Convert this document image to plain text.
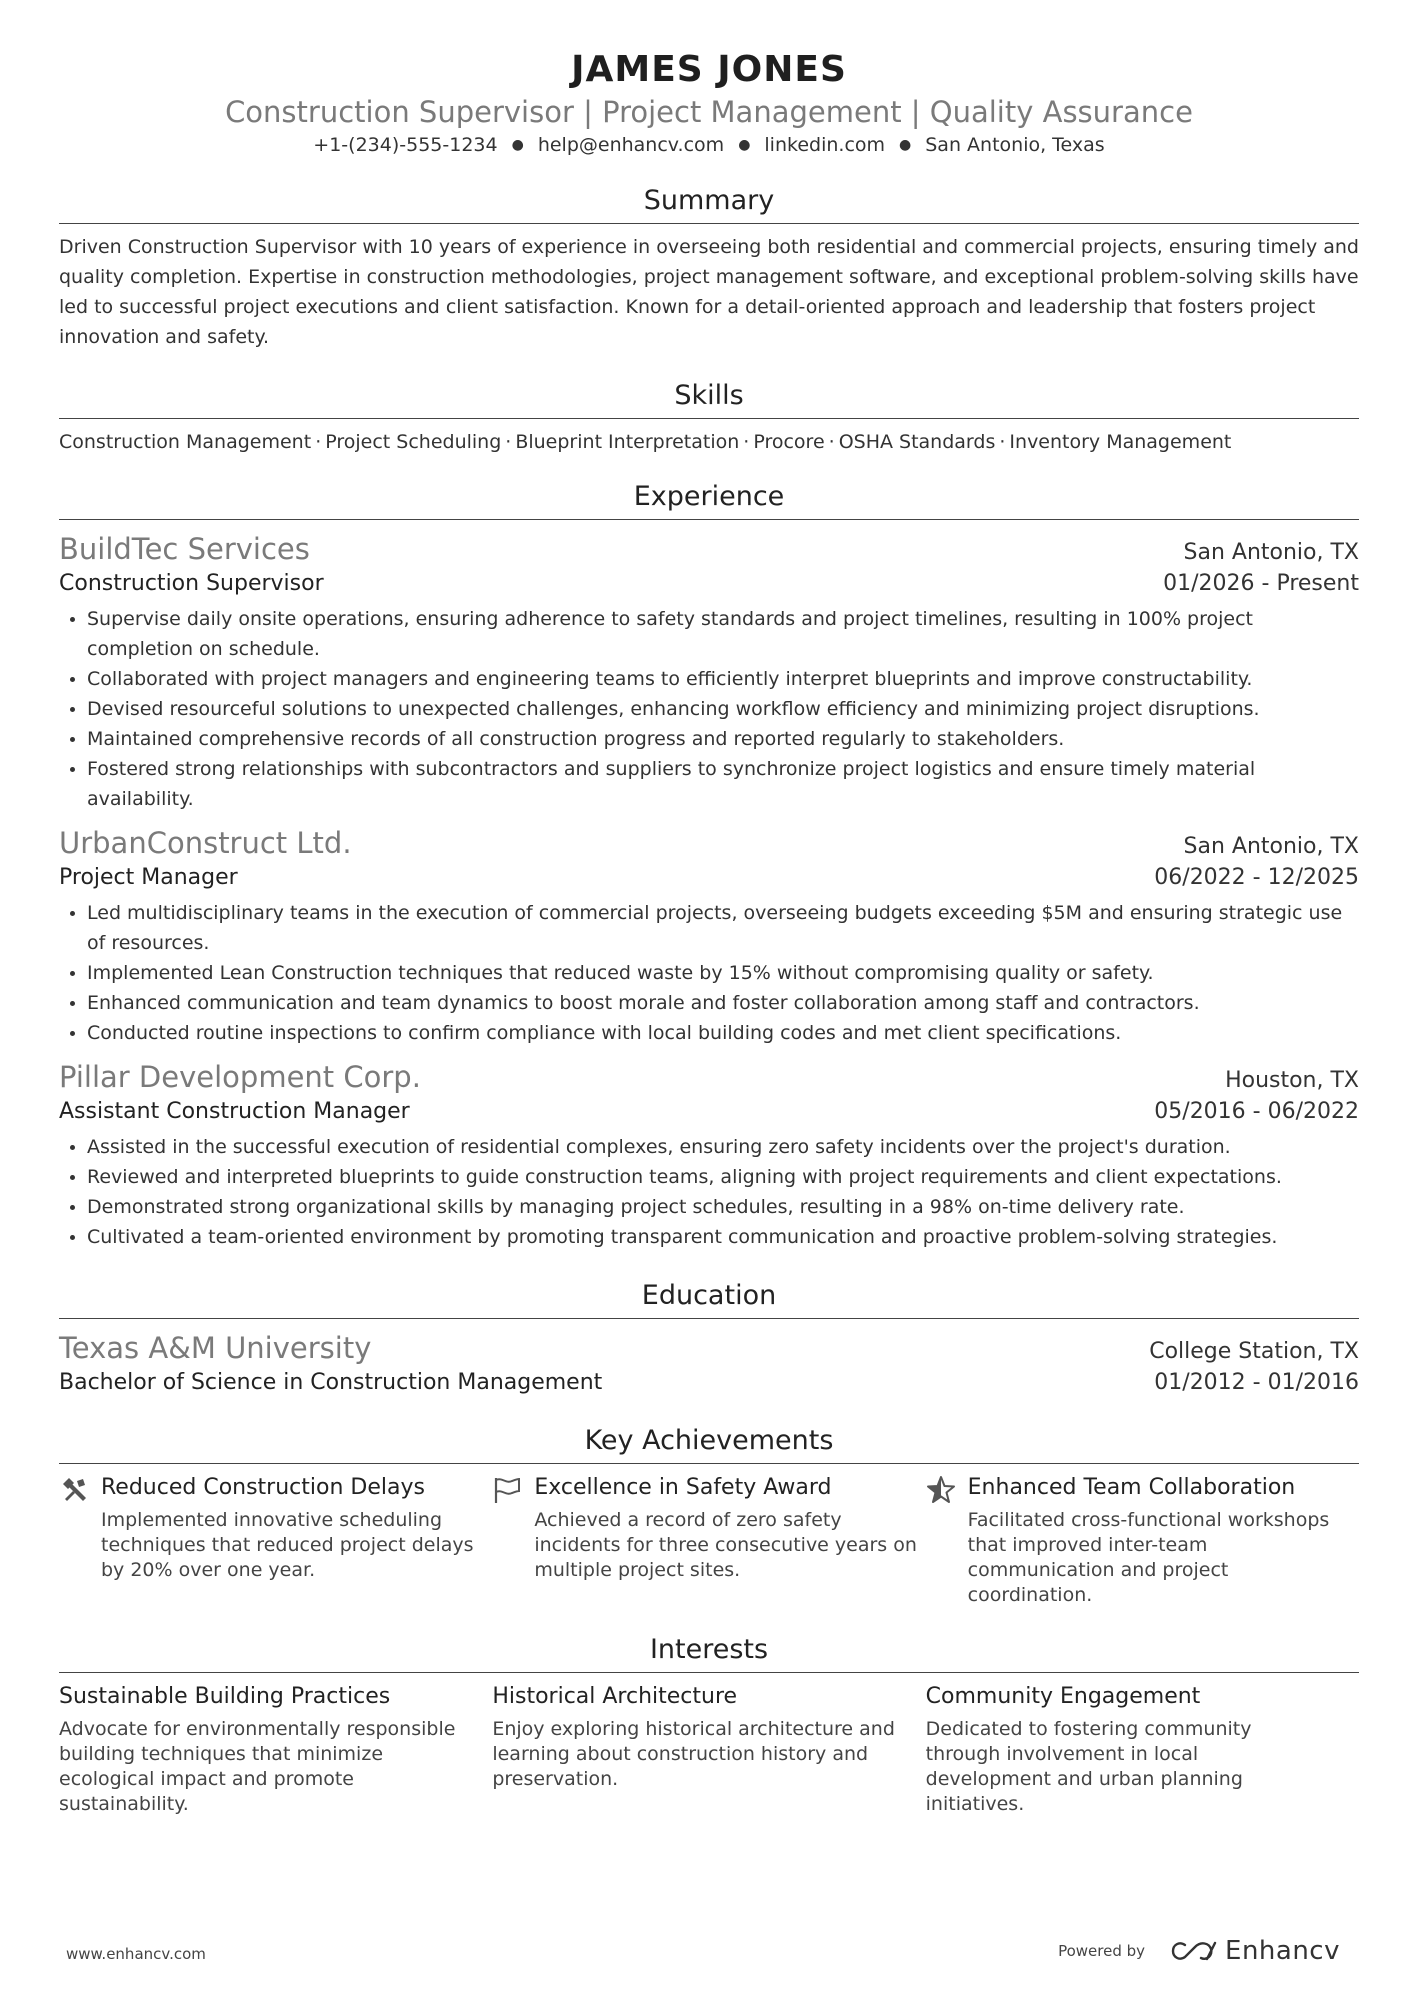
JAMES JONES
Construction Supervisor | Project Management | Quality Assurance
+1-(234)-555-1234 ● help@enhancv.com ● linkedin.com ● San Antonio, Texas
Summary
Driven Construction Supervisor with 10 years of experience in overseeing both residential and commercial projects, ensuring timely and quality completion. Expertise in construction methodologies, project management software, and exceptional problem-solving skills have led to successful project executions and client satisfaction. Known for a detail-oriented approach and leadership that fosters project innovation and safety.
Skills
Construction Management · Project Scheduling · Blueprint Interpretation · Procore · OSHA Standards · Inventory Management
Experience
BuildTec Services	San Antonio, TX
Construction Supervisor	01/2026 - Present
• Supervise daily onsite operations, ensuring adherence to safety standards and project timelines, resulting in 100% project completion on schedule.
• Collaborated with project managers and engineering teams to efficiently interpret blueprints and improve constructability.
• Devised resourceful solutions to unexpected challenges, enhancing workflow efficiency and minimizing project disruptions.
• Maintained comprehensive records of all construction progress and reported regularly to stakeholders.
• Fostered strong relationships with subcontractors and suppliers to synchronize project logistics and ensure timely material availability.
UrbanConstruct Ltd.	San Antonio, TX
Project Manager	06/2022 - 12/2025
• Led multidisciplinary teams in the execution of commercial projects, overseeing budgets exceeding $5M and ensuring strategic use of resources.
• Implemented Lean Construction techniques that reduced waste by 15% without compromising quality or safety.
• Enhanced communication and team dynamics to boost morale and foster collaboration among staff and contractors.
• Conducted routine inspections to confirm compliance with local building codes and met client specifications.
Pillar Development Corp.	Houston, TX
Assistant Construction Manager	05/2016 - 06/2022
• Assisted in the successful execution of residential complexes, ensuring zero safety incidents over the project's duration.
• Reviewed and interpreted blueprints to guide construction teams, aligning with project requirements and client expectations.
• Demonstrated strong organizational skills by managing project schedules, resulting in a 98% on-time delivery rate.
• Cultivated a team-oriented environment by promoting transparent communication and proactive problem-solving strategies.
Education
Texas A&M University	College Station, TX
Bachelor of Science in Construction Management	01/2012 - 01/2016
Key Achievements
Reduced Construction Delays
Implemented innovative scheduling techniques that reduced project delays by 20% over one year.
Excellence in Safety Award
Achieved a record of zero safety incidents for three consecutive years on multiple project sites.
Enhanced Team Collaboration
Facilitated cross-functional workshops that improved inter-team communication and project coordination.
Interests
Sustainable Building Practices
Advocate for environmentally responsible building techniques that minimize ecological impact and promote sustainability.
Historical Architecture
Enjoy exploring historical architecture and learning about construction history and preservation.
Community Engagement
Dedicated to fostering community through involvement in local development and urban planning initiatives.
www.enhancv.com	Powered by	Enhancv
